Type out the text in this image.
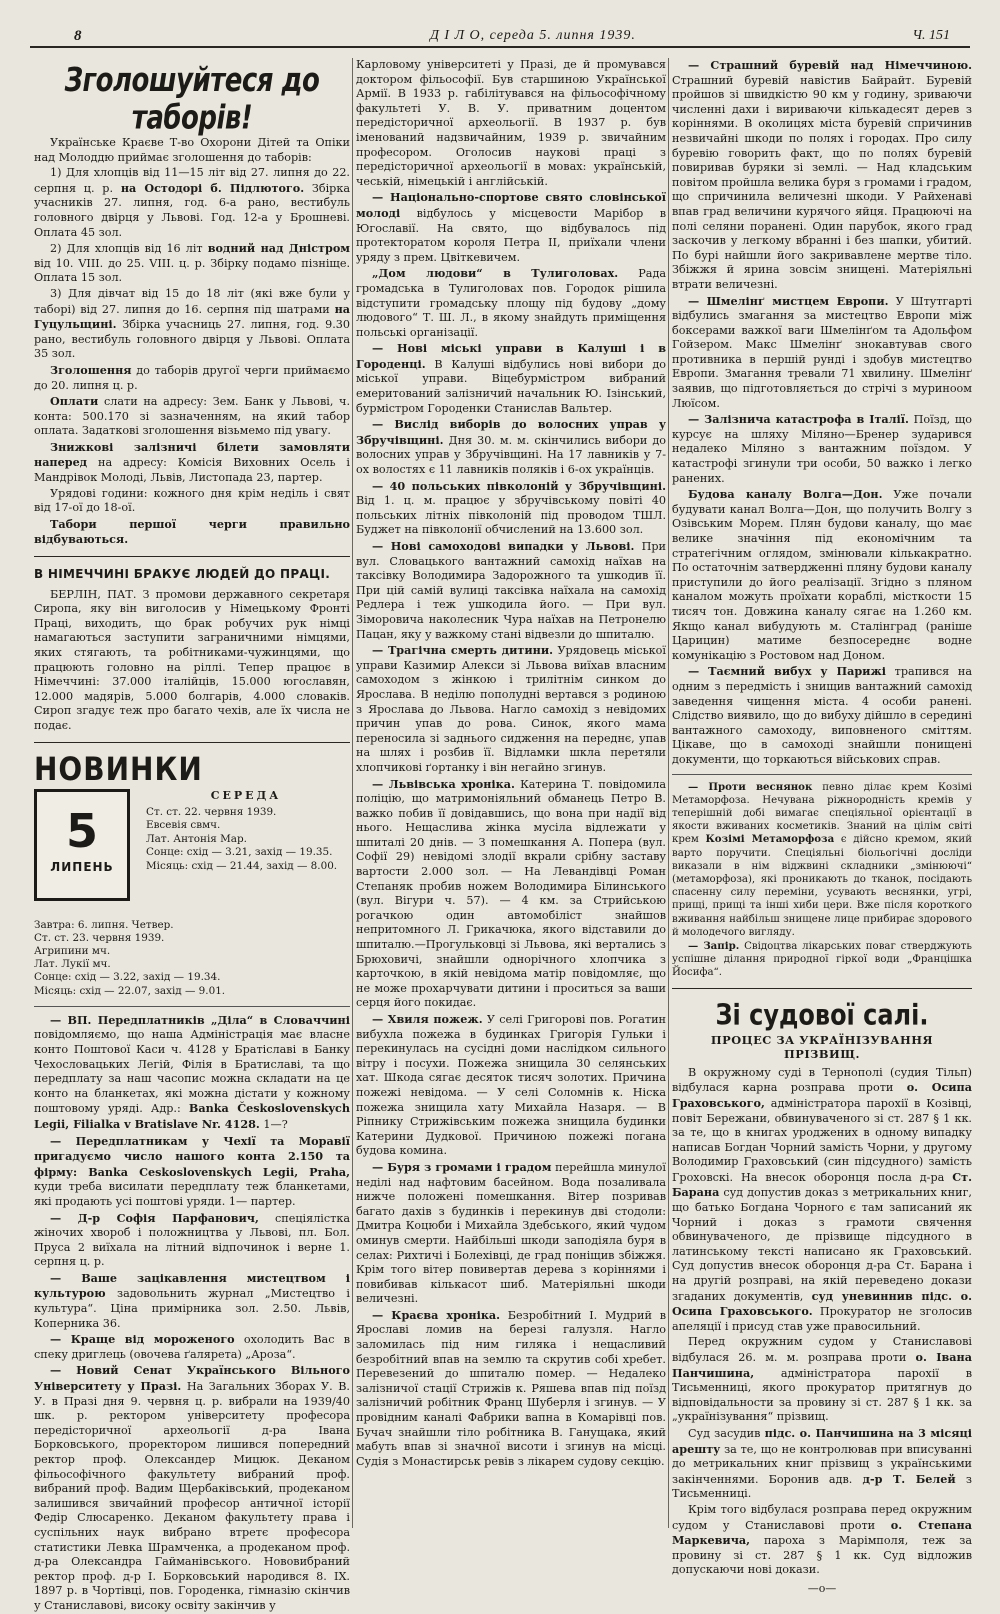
8	Д І Л О, середа 5. липня 1939.	Ч. 151
Зголошуйтеся до таборів!

Українське Краєве Т-во Охорони Дітей та Опіки над Молоддю приймає зголошення до таборів:

1) Для хлопців від 11—15 літ від 27. липня до 22. серпня ц. р. на Остодорі б. Підлютого. Збірка учасників 27. липня, год. 6-а рано, вестибуль головного двірця у Львові. Год. 12-а у Брошневі. Оплата 45 зол.

2) Для хлопців від 16 літ водний над Дністром від 10. VIII. до 25. VIII. ц. р. Збірку подамо пізніще. Оплата 15 зол.

3) Для дівчат від 15 до 18 літ (які вже були у таборі) від 27. липня до 16. серпня під шатрами на Гуцульщині. Збірка учасниць 27. липня, год. 9.30 рано, вестибуль головного двірця у Львові. Оплата 35 зол.

Зголошення до таборів другої черги приймаємо до 20. липня ц. р.

Оплати слати на адресу: Зем. Банк у Львові, ч. конта: 500.170 зі зазначенням, на який табор оплата. Задаткові зголошення візьмемо під увагу.

Знижкові залізничі білети замовляти наперед на адресу: Комісія Виховних Осель і Мандрівок Молоді, Львів, Листопада 23, партер.

Урядові години: кожного дня крім неділь і свят від 17-ої до 18-ої.

Табори першої черги правильно відбуваються.

В НІМЕЧЧИНІ БРАКУЄ ЛЮДЕЙ ДО ПРАЦІ.

БЕРЛІН, ПАТ. З промови державного секретаря Сиропа, яку він виголосив у Німецькому Фронті Праці, виходить, що брак робучих рук німці намагаються заступити заграничними німцями, яких стягають, та робітниками-чужинцями, що працюють головно на ріллі. Тепер працює в Німеччині: 37.000 італійців, 15.000 югославян, 12.000 мадярів, 5.000 болгарів, 4.000 словаків. Сироп згадує теж про багато чехів, але їх числа не подає.

НОВИНКИ
5
ЛИПЕНЬ
СЕРЕДА
Ст. ст. 22. червня 1939.
Евсевія свмч.
Лат. Антонія Мар.
Сонце: схід — 3.21, захід — 19.35.
Місяць: схід — 21.44, захід — 8.00.
Завтра: 6. липня. Четвер.
Ст. ст. 23. червня 1939.
Агрипини мч.
Лат. Лукії мч.
Сонце: схід — 3.22, захід — 19.34.
Місяць: схід — 22.07, захід — 9.01.

— ВП. Передплатників „Діла“ в Словаччині повідомляємо, що наша Адміністрація має власне конто Поштової Каси ч. 4128 у Братіславі в Банку Чехословацьких Легій, Філія в Братиславі, та що передплату за наш часопис можна складати на це конто на бланкетах, які можна дістати у кожному поштовому уряді. Адр.: Banka Československych Legii, Filialka v Bratislave Nr. 4128. 1—?

— Передплатникам у Чехії та Моравії пригадуємо число нашого конта 2.150 та фірму: Banka Ceskoslovenskych Legii, Praha, куди треба висилати передплату теж бланкетами, які продають усі поштові уряди. 1— партер.

— Д-р Софія Парфанович, спеціялістка жіночих хвороб і положництва у Львові, пл. Бол. Пруса 2 виїхала на літний відпочинок і верне 1. серпня ц. р.

— Ваше зацікавлення мистецтвом і культурою задовольнить журнал „Мистецтво і культура“. Ціна примірника зол. 2.50. Львів, Коперника 36.

— Краще від мороженого охолодить Вас в спеку дриглець (овочева ґалярета) „Ароза“.

— Новий Сенат Українського Вільного Університету у Празі. На Загальних Зборах У. В. У. в Празі дня 9. червня ц. р. вибрали на 1939/40 шк. р. ректором університету професора передісторичної археольогії д-ра Івана Борковського, проректором лишився попередний ректор проф. Олександер Мицюк. Деканом фільософічного факультету вибраний проф. вибраний проф. Вадим Щербаківський, продеканом залишився звичайний професор античної історії Федір Слюсаренко. Деканом факультету права і суспільних наук вибрано втретє професора статистики Левка Шрамченка, а продеканом проф. д-ра Олександра Гайманівського. Нововибраний ректор проф. д-р І. Борковський народився 8. IX. 1897 р. в Чортівці, пов. Городенка, гімназію скінчив у Станиславові, високу освіту закінчив у

Карловому університеті у Празі, де й промувався доктором фільософії. Був старшиною Української Армії. В 1933 р. габілітувався на фільософічному факультеті У. В. У. приватним доцентом передісторичної археольогії. В 1937 р. був іменований надзвичайним, 1939 р. звичайним професором. Оголосив наукові праці з передісторичної археольогії в мовах: українській, чеській, німецькій і англійській.

— Національно-спортове свято словінської молоді відбулось у місцевости Марібор в Югославії. На свято, що відбувалось під протекторатом короля Петра II, приїхали члени уряду з прем. Цвіткевичем.

„Дом людови“ в Тулиголовах. Рада громадська в Тулиголовах пов. Городок рішила відступити громадську площу під будову „дому людового“ Т. Ш. Л., в якому знайдуть приміщення польські організації.

— Нові міські управи в Калуші і в Городенці. В Калуші відбулись нові вибори до міської управи. Віцебурмістром вибраний емеритований залізничий начальник Ю. Ізінський, бурмістром Городенки Станислав Вальтер.

— Вислід виборів до волосних управ у Збручівщині. Дня 30. м. м. скінчились вибори до волосних управ у Збручівщині. На 17 лавників у 7-ох волостях є 11 лавників поляків і 6-ох українців.

— 40 польських півколоній у Збручівщині. Від 1. ц. м. працює у збручівському повіті 40 польських літніх півколоній під проводом ТШЛ. Буджет на півколонії обчислений на 13.600 зол.

— Нові самоходові випадки у Львові. При вул. Словацького вантажний самохід наїхав на таксівку Володимира Задорожного та ушкодив її. При цій самій вулиці таксівка наїхала на самохід Редлера і теж ушкодила його. — При вул. Зіморовича наколесник Чура наїхав на Петронелю Пацан, яку у важкому стані відвезли до шпиталю.

— Трагічна смерть дитини. Урядовець міської управи Казимир Алекси зі Львова виїхав власним самоходом з жінкою і трилітнім синком до Ярослава. В неділю пополудні вертався з родиною з Ярослава до Львова. Нагло самохід з невідомих причин упав до рова. Синок, якого мама переносила зі заднього сидження на переднє, упав на шлях і розбив її. Відламки шкла перетяли хлопчикові ґортанку і він негайно згинув.

— Львівська хроніка. Катерина Т. повідомила поліцію, що матримоніяльний обманець Петро В. важко побив її довідавшись, що вона при надії від нього. Нещаслива жінка мусіла відлежати у шпиталі 20 днів. — З помешкання А. Попера (вул. Софії 29) невідомі злодії вкрали срібну заставу вартости 2.000 зол. — На Левандівці Роман Степаняк пробив ножем Володимира Білинського (вул. Вігури ч. 57). — 4 км. за Стрийською рогачкою один автомобіліст знайшов непритомного Л. Грикачюка, якого відставили до шпиталю.—Прогульковці зі Львова, які вертались з Брюховичі, знайшли однорічного хлопчика з карточкою, в якій невідома матір повідомляє, що не може прохарчувати дитини і проситься за ваши серця його покидає.

— Хвиля пожеж. У селі Григорові пов. Рогатин вибухла пожежа в будинках Григорія Гульки і перекинулась на сусідні доми наслідком сильного вітру і посухи. Пожежа знищила 30 селянських хат. Шкода сягає десяток тисяч золотих. Причина пожежі невідома. — У селі Соломнів к. Ніска пожежа знищила хату Михайла Назаря. — В Ріпнику Стрижівським пожежа знищила будинки Катерини Дудкової. Причиною пожежі погана будова комина.

— Буря з громами і градом перейшла минулої неділі над нафтовим басейном. Вода позаливала нижче положені помешкання. Вітер позривав багато дахів з будинків і перекинув дві стодоли: Дмитра Коцюби і Михайла Здебського, який чудом оминув смерти. Найбільші шкоди заподіяла буря в селах: Рихтичі і Болехівці, де град поніщив збіжжя. Крім того вітер повивертав дерева з коріннями і повибивав кількасот шиб. Матеріяльні шкоди величезні.

— Краєва хроніка. Безробітний І. Мудрий в Ярославі ломив на березі галузля. Нагло заломилась під ним гиляка і нещасливий безробітний впав на землю та скрутив собі хребет. Перевезений до шпиталю помер. — Недалеко залізничої стації Стрижів к. Ряшева впав під поїзд залізничий робітник Франц Шуберля і згинув. — У провідним каналі Фабрики вапна в Комарівці пов. Бучач знайшли тіло робітника В. Ганущака, який мабуть впав зі значної висоти і згинув на місці. Судія з Монастирськ ревів з лікарем судову секцію.

— Страшний буревій над Німеччиною. Страшний буревій навістив Байрайт. Буревій пройшов зі швидкістю 90 км у годину, зриваючи численні дахи і вириваючи кількадесят дерев з коріннями. В околицях міста буревій спричинив незвичайні шкоди по полях і городах. Про силу буревію говорить факт, що по полях буревій повиривав буряки зі землі. — Над кладським повітом пройшла велика буря з громами і градом, що спричинила величезні шкоди. У Райхенаві впав град величини курячого яйця. Працюючі на полі селяни поранені. Один парубок, якого град заскочив у легкому вбранні і без шапки, убитий. По бурі найшли його закривавлене мертве тіло. Збіжжя й ярина зовсім знищені. Матеріяльні втрати величезні.

— Шмелінґ мистцем Европи. У Штутгарті відбулись змагання за мистецтво Европи між боксерами важкої ваги Шмелінґом та Адольфом Гойзером. Макс Шмелінґ знокавтував свого противника в першій рунді і здобув мистецтво Европи. Змагання тревали 71 хвилину. Шмелінґ заявив, що підготовляється до стрічі з муриноом Люїсом.

— Залізнича катастрофа в Італії. Поїзд, що курсує на шляху Міляно—Бренер зударився недалеко Міляно з вантажним поїздом. У катастрофі згинули три особи, 50 важко і легко ранених.

Будова каналу Волга—Дон. Уже почали будувати канал Волга—Дон, що получить Волгу з Озівським Морем. Плян будови каналу, що має велике значіння під економічним та стратегічним оглядом, змінювали кількакратно. По остаточнім затвердженні пляну будови каналу приступили до його реалізації. Згідно з пляном каналом можуть проїхати кораблі, місткости 15 тисяч тон. Довжина каналу сягає на 1.260 км. Якщо канал вибудують м. Сталінград (раніше Царицин) матиме безпосереднє водне комунікацію з Ростовом над Доном.

— Таємний вибух у Парижі трапився на одним з передмість і знищив вантажний самохід заведення чищення міста. 4 особи ранені. Слідство виявило, що до вибуху дійшло в середині вантажного самоходу, виповненого сміттям. Цікаве, що в самоході знайшли понищені документи, що торкаються військових справ.

— Проти веснянок певно ділає крем Козімі Метаморфоза. Нечувана ріжнородність кремів у теперішній добі вимагає спеціяльної орієнтації в якости вживаних косметиків. Знаний на цілім світі крем Козімі Метаморфоза є дійсно кремом, який варто поручити. Спеціяльні біольогічні досліди виказали в нім віджвині складники „змінюючі“ (метаморфоза), які проникають до тканок, посідають спасенну силу переміни, усувають веснянки, угрі, прищі, прищі та інші хиби цери. Вже після короткого вживання найбільш знищене лице прибирає здорового й молодечого вигляду.

— Запір. Свідоцтва лікарських поваг стверджують успішне ділання природної гіркої води „Францішка Йосифа“.

Зі судової салі.
ПРОЦЕС ЗА УКРАЇНІЗУВАННЯ ПРІЗВИЩ.

В окружному суді в Тернополі (судия Тільп) відбулася карна розправа проти о. Осипа Граховського, адміністратора парохії в Козівці, повіт Бережани, обвинуваченого зі ст. 287 § 1 кк. за те, що в книгах уроджених в одному випадку написав Богдан Чорний замість Чорни, у другому Володимир Граховський (син підсудного) замість Гроховскі. На внесок оборонця посла д-ра Ст. Барана суд допустив доказ з метрикальних книг, що батько Богдана Чорного є там записаний як Чорний і доказ з грамоти свячення обвинуваченого, де прізвище підсудного в латинському тексті написано як Граховський. Суд допустив внесок оборонця д-ра Ст. Барана і на другій розправі, на якій переведено докази згаданих документів, суд уневиннив підс. о. Осипа Граховського. Прокуратор не зголосив апеляції і присуд став уже правосильний.

Перед окружним судом у Станиславові відбулася 26. м. м. розправа проти о. Івана Панчишина, адміністратора парохії в Тисьменниці, якого прокуратор притягнув до відповідальности за провину зі ст. 287 § 1 кк. за „українізування“ прізвищ.

Суд засудив підс. о. Панчишина на 3 місяці арешту за те, що не контролював при вписуванні до метрикальних книг прізвищ з українськими закінченнями. Боронив адв. д-р Т. Белей з Тисьменниці.

Крім того відбулася розправа перед окружним судом у Станиславові проти о. Степана Маркевича, пароха з Марімполя, теж за провину зі ст. 287 § 1 кк. Суд відложив допускаючи нові докази.

—o—
